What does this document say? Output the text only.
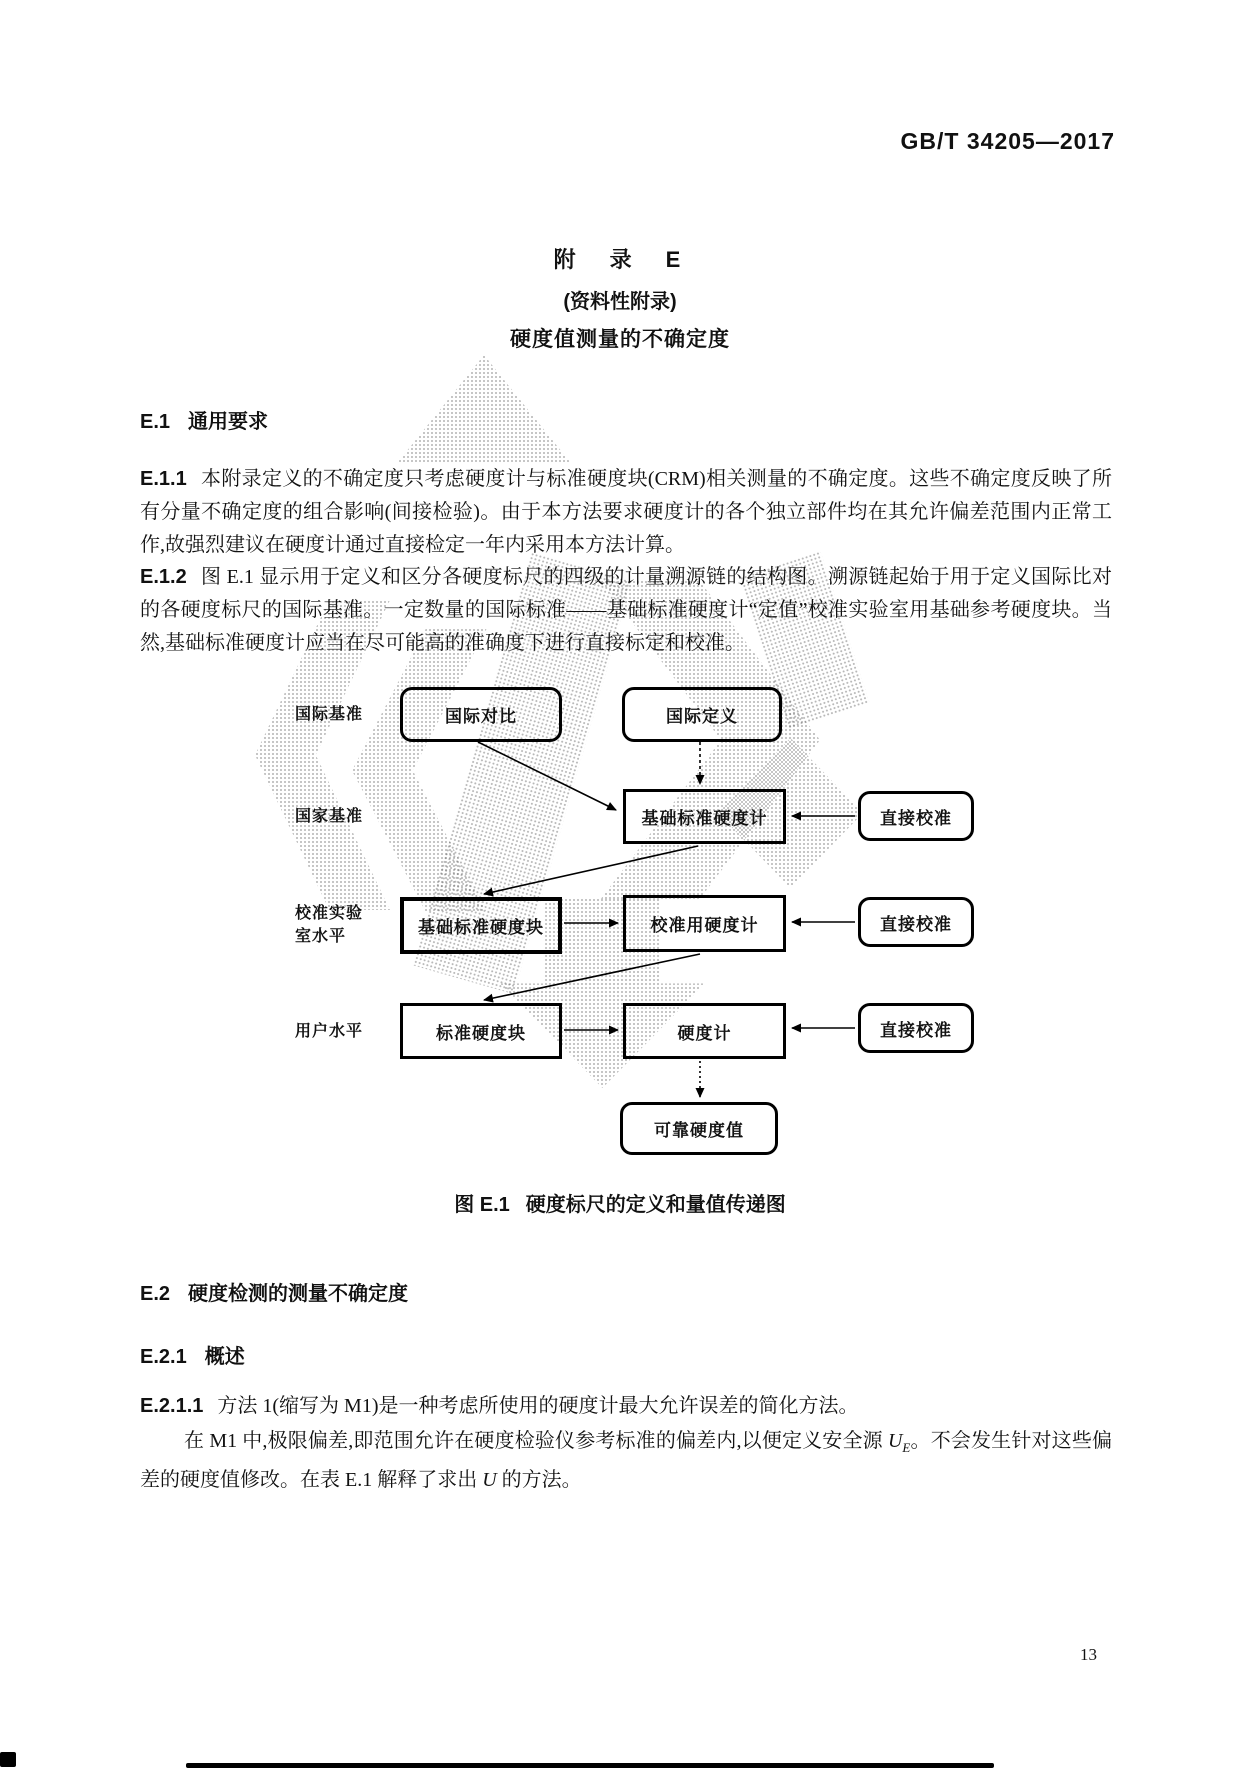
GB/T 34205—2017
附　录　E
(资料性附录)
硬度值测量的不确定度
E.1 通用要求
E.1.1 本附录定义的不确定度只考虑硬度计与标准硬度块(CRM)相关测量的不确定度。这些不确定度反映了所有分量不确定度的组合影响(间接检验)。由于本方法要求硬度计的各个独立部件均在其允许偏差范围内正常工作,故强烈建议在硬度计通过直接检定一年内采用本方法计算。
E.1.2 图 E.1 显示用于定义和区分各硬度标尺的四级的计量溯源链的结构图。溯源链起始于用于定义国际比对的各硬度标尺的国际基准。一定数量的国际标准——基础标准硬度计“定值”校准实验室用基础参考硬度块。当然,基础标准硬度计应当在尽可能高的准确度下进行直接标定和校准。
国际基准
国家基准
校准实验
室水平
用户水平
国际对比	国际定义
基础标准硬度计	直接校准
基础标准硬度块	校准用硬度计	直接校准
标准硬度块	硬度计	直接校准
可靠硬度值
图 E.1 硬度标尺的定义和量值传递图
E.2 硬度检测的测量不确定度
E.2.1 概述
E.2.1.1 方法 1(缩写为 M1)是一种考虑所使用的硬度计最大允许误差的简化方法。
在 M1 中,极限偏差,即范围允许在硬度检验仪参考标准的偏差内,以便定义安全源 $U_E$。不会发生针对这些偏差的硬度值修改。在表 E.1 解释了求出 U 的方法。
13
